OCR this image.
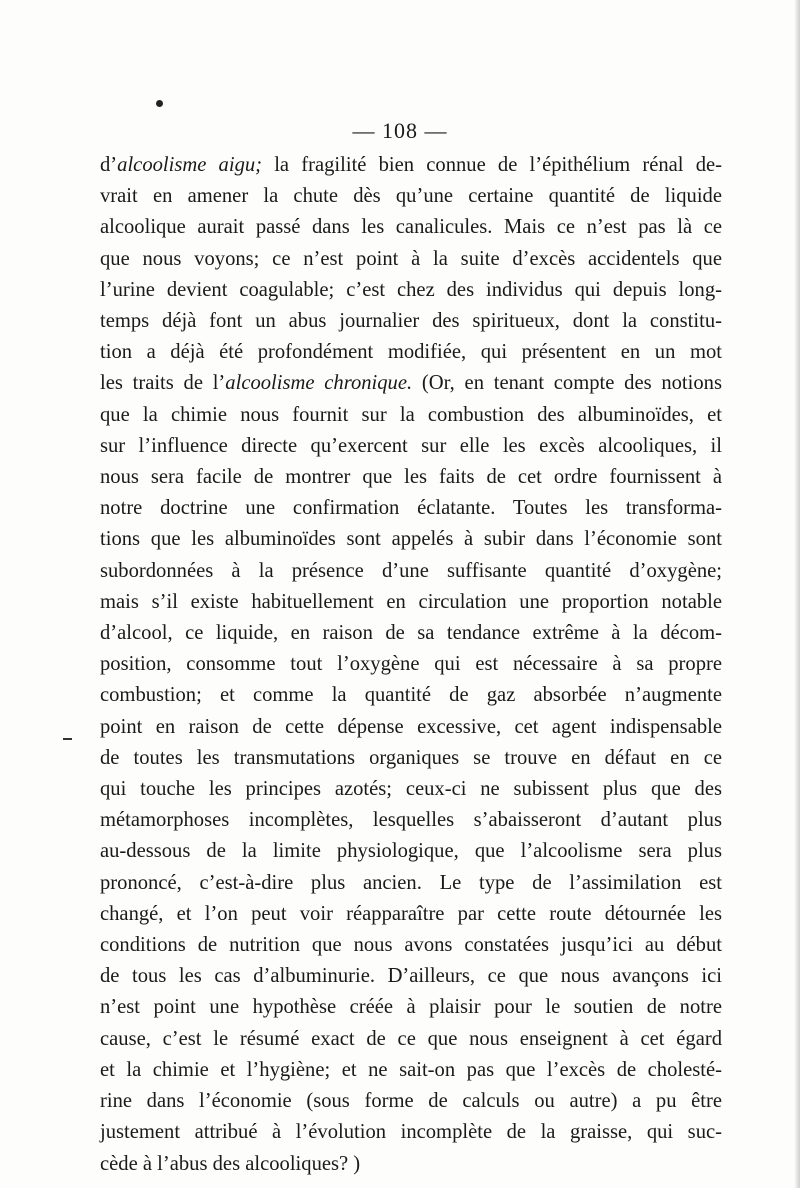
— 108 —
d’alcoolisme aigu; la fragilité bien connue de l’épithélium rénal de-
vrait en amener la chute dès qu’une certaine quantité de liquide
alcoolique aurait passé dans les canalicules. Mais ce n’est pas là ce
que nous voyons; ce n’est point à la suite d’excès accidentels que
l’urine devient coagulable; c’est chez des individus qui depuis long-
temps déjà font un abus journalier des spiritueux, dont la constitu-
tion a déjà été profondément modifiée, qui présentent en un mot
les traits de l’alcoolisme chronique. (Or, en tenant compte des notions
que la chimie nous fournit sur la combustion des albuminoïdes, et
sur l’influence directe qu’exercent sur elle les excès alcooliques, il
nous sera facile de montrer que les faits de cet ordre fournissent à
notre doctrine une confirmation éclatante. Toutes les transforma-
tions que les albuminoïdes sont appelés à subir dans l’économie sont
subordonnées à la présence d’une suffisante quantité d’oxygène;
mais s’il existe habituellement en circulation une proportion notable
d’alcool, ce liquide, en raison de sa tendance extrême à la décom-
position, consomme tout l’oxygène qui est nécessaire à sa propre
combustion; et comme la quantité de gaz absorbée n’augmente
point en raison de cette dépense excessive, cet agent indispensable
de toutes les transmutations organiques se trouve en défaut en ce
qui touche les principes azotés; ceux-ci ne subissent plus que des
métamorphoses incomplètes, lesquelles s’abaisseront d’autant plus
au-dessous de la limite physiologique, que l’alcoolisme sera plus
prononcé, c’est-à-dire plus ancien. Le type de l’assimilation est
changé, et l’on peut voir réapparaître par cette route détournée les
conditions de nutrition que nous avons constatées jusqu’ici au début
de tous les cas d’albuminurie. D’ailleurs, ce que nous avançons ici
n’est point une hypothèse créée à plaisir pour le soutien de notre
cause, c’est le résumé exact de ce que nous enseignent à cet égard
et la chimie et l’hygiène; et ne sait-on pas que l’excès de cholesté-
rine dans l’économie (sous forme de calculs ou autre) a pu être
justement attribué à l’évolution incomplète de la graisse, qui suc-
cède à l’abus des alcooliques? )
